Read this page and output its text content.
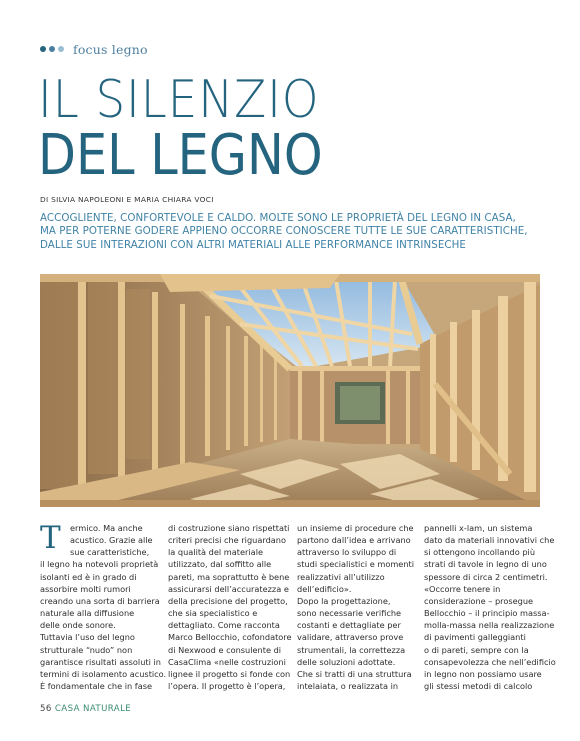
focus legno
IL SILENZIO
DEL LEGNO
DI SILVIA NAPOLEONI E MARIA CHIARA VOCI
ACCOGLIENTE, CONFORTEVOLE E CALDO. MOLTE SONO LE PROPRIETÀ DEL LEGNO IN CASA,
MA PER POTERNE GODERE APPIENO OCCORRE CONOSCERE TUTTE LE SUE CARATTERISTICHE,
DALLE SUE INTERAZIONI CON ALTRI MATERIALI ALLE PERFORMANCE INTRINSECHE
T	ermico. Ma anche
acustico. Grazie alle
sue caratteristiche,
il legno ha notevoli proprietà
isolanti ed è in grado di
assorbire molti rumori
creando una sorta di barriera
naturale alla diffusione
delle onde sonore.
Tuttavia l’uso del legno
strutturale “nudo” non
garantisce risultati assoluti in
termini di isolamento acustico.
È fondamentale che in fase
di costruzione siano rispettati
criteri precisi che riguardano
la qualità del materiale
utilizzato, dal soffitto alle
pareti, ma soprattutto è bene
assicurarsi dell’accuratezza e
della precisione del progetto,
che sia specialistico e
dettagliato. Come racconta
Marco Bellocchio, cofondatore
di Nexwood e consulente di
CasaClima «nelle costruzioni
lignee il progetto si fonde con
l’opera. Il progetto è l’opera,
un insieme di procedure che
partono dall’idea e arrivano
attraverso lo sviluppo di
studi specialistici e momenti
realizzativi all’utilizzo
dell’edificio».
Dopo la progettazione,
sono necessarie verifiche
costanti e dettagliate per
validare, attraverso prove
strumentali, la correttezza
delle soluzioni adottate.
Che si tratti di una struttura
intelaiata, o realizzata in
pannelli x-lam, un sistema
dato da materiali innovativi che
si ottengono incollando più
strati di tavole in legno di uno
spessore di circa 2 centimetri.
«Occorre tenere in
considerazione – prosegue
Bellocchio – il principio massa-
molla-massa nella realizzazione
di pavimenti galleggianti
o di pareti, sempre con la
consapevolezza che nell’edificio
in legno non possiamo usare
gli stessi metodi di calcolo
56 CASA NATURALE
